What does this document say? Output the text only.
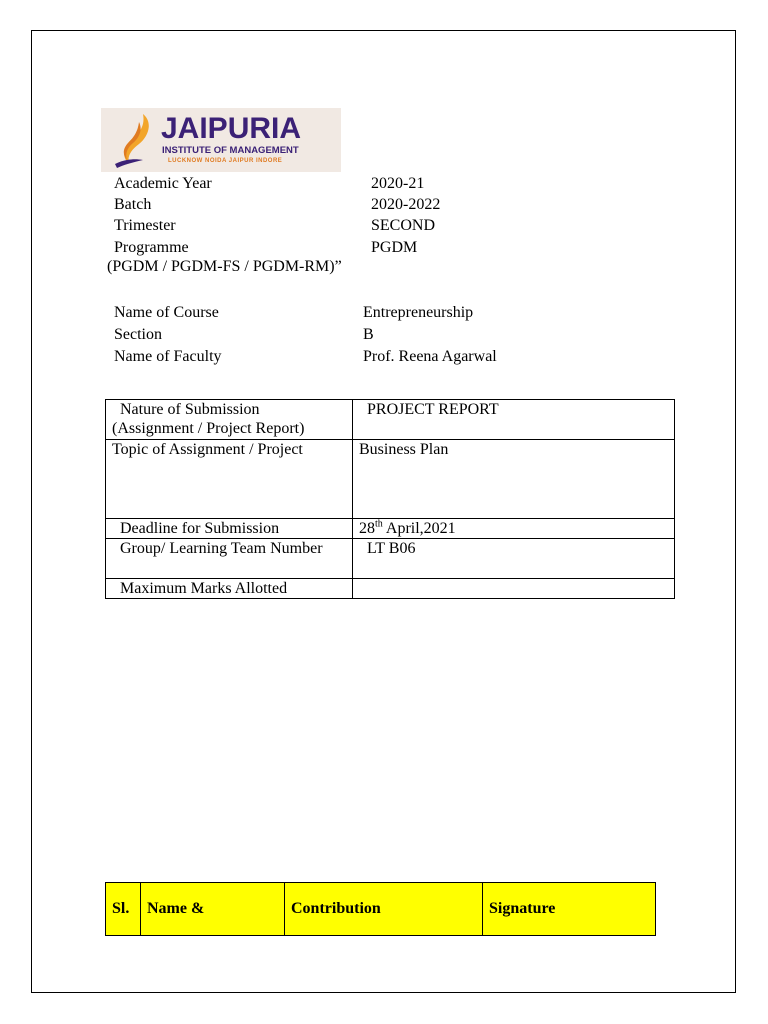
JAIPURIA
INSTITUTE OF MANAGEMENT
LUCKNOW NOIDA JAIPUR INDORE
Academic Year	2020-21
Batch	2020-2022
Trimester	SECOND
Programme	PGDM
(PGDM / PGDM-FS / PGDM-RM)”
Name of Course	Entrepreneurship
Section	B
Name of Faculty	Prof. Reena Agarwal
Nature of Submission
(Assignment / Project Report)	PROJECT REPORT

Topic of Assignment / Project	Business Plan

Deadline for Submission	28th April,2021

Group/ Learning Team Number	LT B06

Maximum Marks Allotted	

Sl.	Name &	Contribution	Signature
